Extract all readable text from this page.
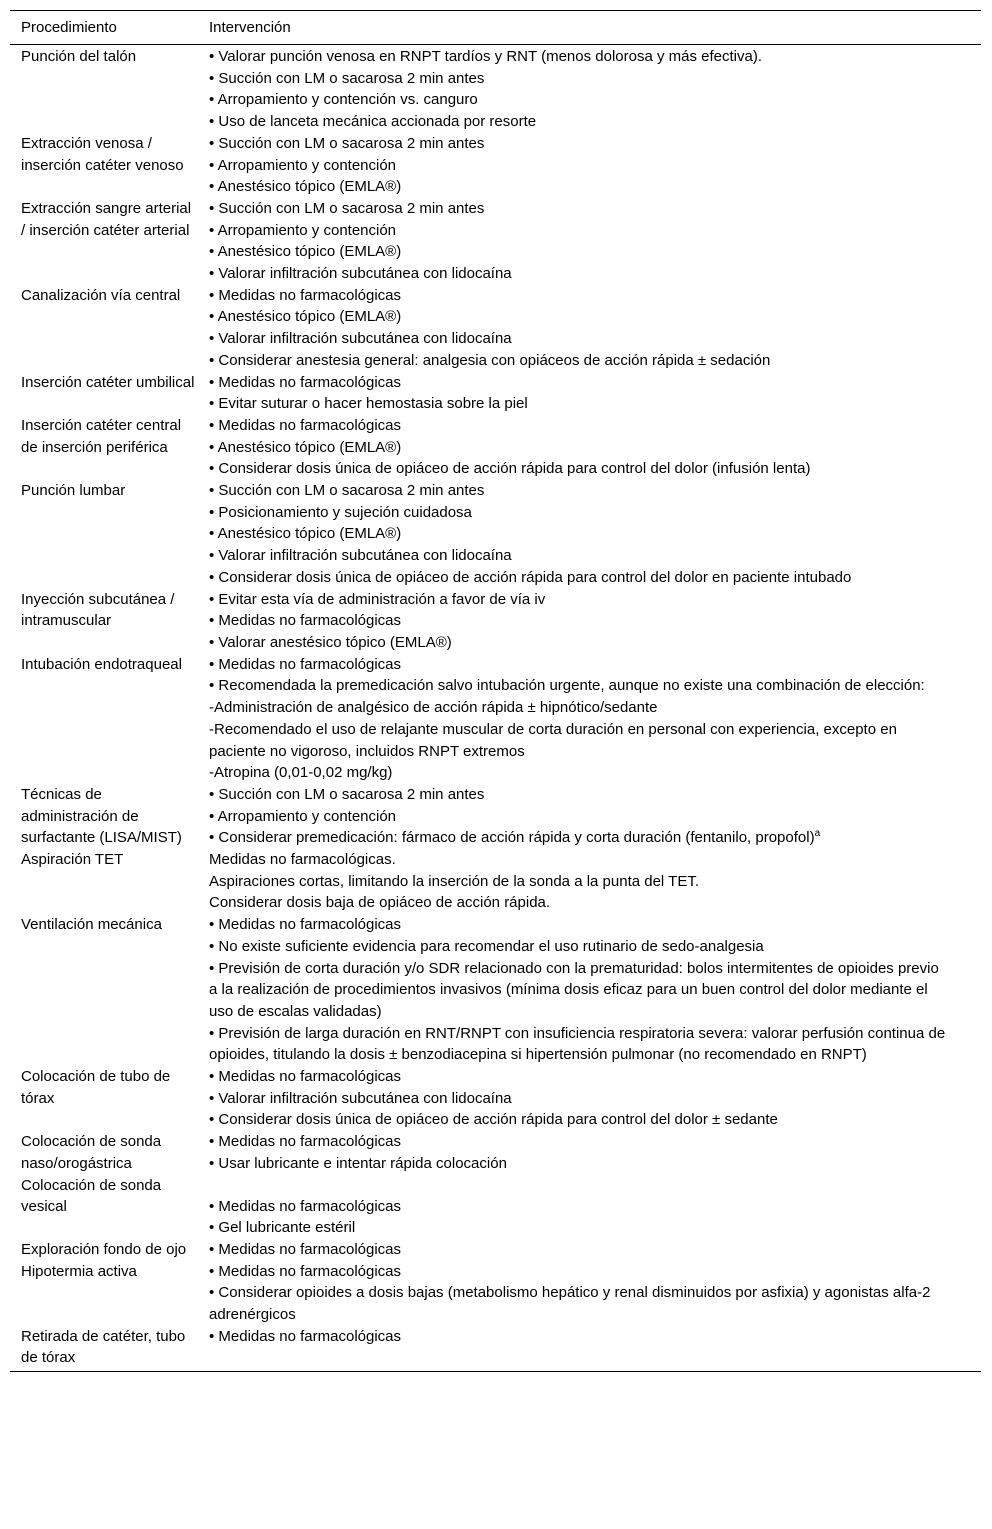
Procedimiento	Intervención
Punción del talón	• Valorar punción venosa en RNPT tardíos y RNT (menos dolorosa y más efectiva).
• Succión con LM o sacarosa 2 min antes
• Arropamiento y contención vs. canguro
• Uso de lanceta mecánica accionada por resorte

Extracción venosa / inserción catéter venoso	• Succión con LM o sacarosa 2 min antes
• Arropamiento y contención
• Anestésico tópico (EMLA®)

Extracción sangre arterial / inserción catéter arterial	• Succión con LM o sacarosa 2 min antes
• Arropamiento y contención
• Anestésico tópico (EMLA®)
• Valorar infiltración subcutánea con lidocaína

Canalización vía central	• Medidas no farmacológicas
• Anestésico tópico (EMLA®)
• Valorar infiltración subcutánea con lidocaína
• Considerar anestesia general: analgesia con opiáceos de acción rápida ± sedación

Inserción catéter umbilical	• Medidas no farmacológicas
• Evitar suturar o hacer hemostasia sobre la piel

Inserción catéter central de inserción periférica	• Medidas no farmacológicas
• Anestésico tópico (EMLA®)
• Considerar dosis única de opiáceo de acción rápida para control del dolor (infusión lenta)

Punción lumbar	• Succión con LM o sacarosa 2 min antes
• Posicionamiento y sujeción cuidadosa
• Anestésico tópico (EMLA®)
• Valorar infiltración subcutánea con lidocaína
• Considerar dosis única de opiáceo de acción rápida para control del dolor en paciente intubado

Inyección subcutánea / intramuscular	• Evitar esta vía de administración a favor de vía iv
• Medidas no farmacológicas
• Valorar anestésico tópico (EMLA®)

Intubación endotraqueal	• Medidas no farmacológicas
• Recomendada la premedicación salvo intubación urgente, aunque no existe una combinación de elección:
-Administración de analgésico de acción rápida ± hipnótico/sedante
-Recomendado el uso de relajante muscular de corta duración en personal con experiencia, excepto en paciente no vigoroso, incluidos RNPT extremos
-Atropina (0,01-0,02 mg/kg)

Técnicas de administración de surfactante (LISA/MIST)	• Succión con LM o sacarosa 2 min antes
• Arropamiento y contención
• Considerar premedicación: fármaco de acción rápida y corta duración (fentanilo, propofol)$^a$

Aspiración TET	Medidas no farmacológicas.
Aspiraciones cortas, limitando la inserción de la sonda a la punta del TET.
Considerar dosis baja de opiáceo de acción rápida.

Ventilación mecánica	• Medidas no farmacológicas
• No existe suficiente evidencia para recomendar el uso rutinario de sedo-analgesia
• Previsión de corta duración y/o SDR relacionado con la prematuridad: bolos intermitentes de opioides previo a la realización de procedimientos invasivos (mínima dosis eficaz para un buen control del dolor mediante el uso de escalas validadas)
• Previsión de larga duración en RNT/RNPT con insuficiencia respiratoria severa: valorar perfusión continua de opioides, titulando la dosis ± benzodiacepina si hipertensión pulmonar (no recomendado en RNPT)

Colocación de tubo de tórax	• Medidas no farmacológicas
• Valorar infiltración subcutánea con lidocaína
• Considerar dosis única de opiáceo de acción rápida para control del dolor ± sedante

Colocación de sonda naso/orogástrica	• Medidas no farmacológicas
• Usar lubricante e intentar rápida colocación

Colocación de sonda vesical	• Medidas no farmacológicas
• Gel lubricante estéril

Exploración fondo de ojo	• Medidas no farmacológicas

Hipotermia activa	• Medidas no farmacológicas
• Considerar opioides a dosis bajas (metabolismo hepático y renal disminuidos por asfixia) y agonistas alfa-2 adrenérgicos

Retirada de catéter, tubo de tórax	• Medidas no farmacológicas
